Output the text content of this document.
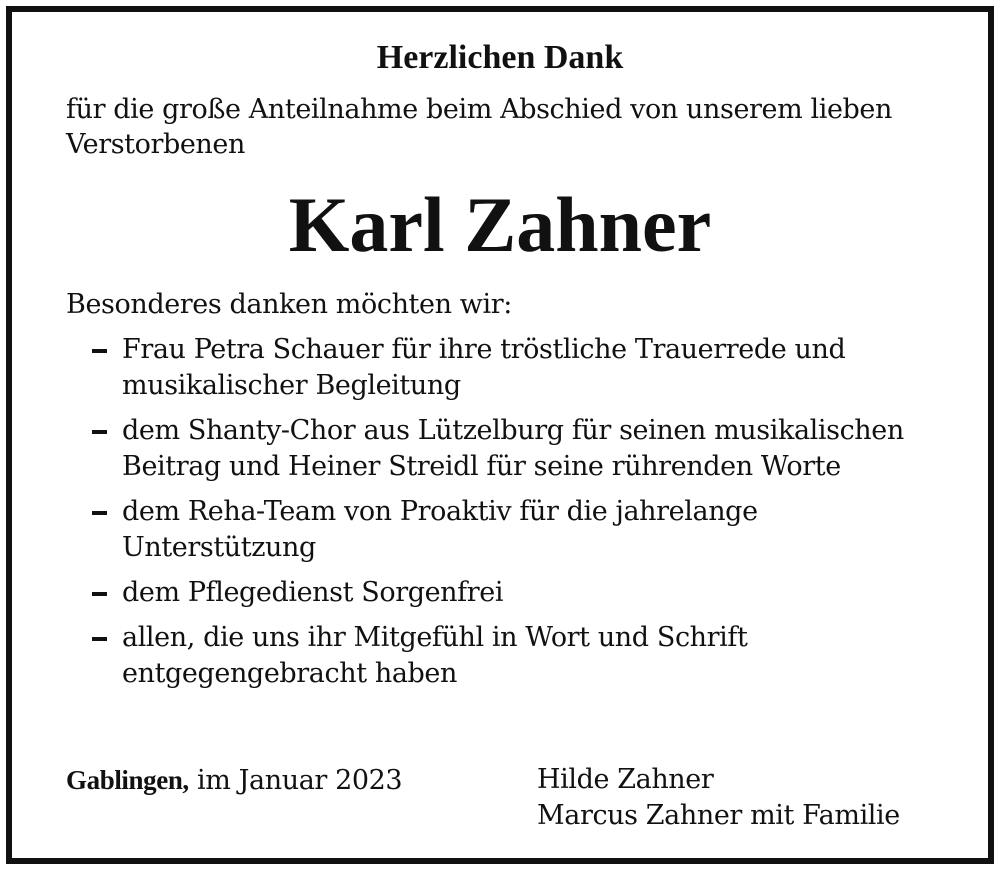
Herzlichen Dank
für die große Anteilnahme beim Abschied von unserem lieben Verstorbenen
Karl Zahner
Besonderes danken möchten wir:
Frau Petra Schauer für ihre tröstliche Trauerrede und musikalischer Begleitung
dem Shanty-Chor aus Lützelburg für seinen musikalischen Beitrag und Heiner Streidl für seine rührenden Worte
dem Reha-Team von Proaktiv für die jahrelange Unterstützung
dem Pflegedienst Sorgenfrei
allen, die uns ihr Mitgefühl in Wort und Schrift entgegengebracht haben
Gablingen, im Januar 2023	Hilde Zahner
Marcus Zahner mit Familie
